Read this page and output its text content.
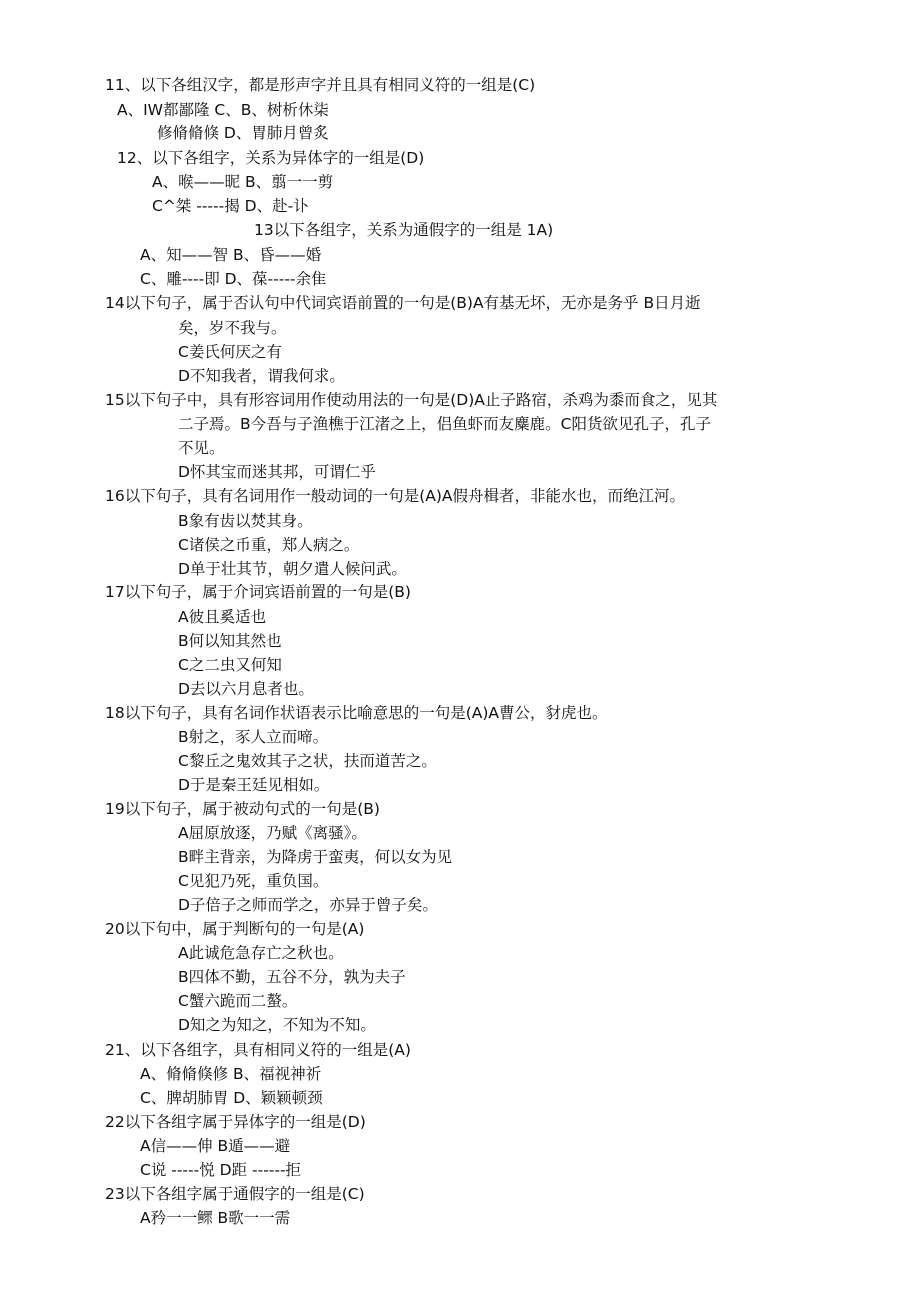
11、以下各组汉字，都是形声字并且具有相同义符的一组是(C)
A、IW都鄙隆 C、B、树析休柒
修脩脩倏 D、胃肺月曾炙
12、以下各组字，关系为异体字的一组是(D)
A、喉——昵 B、翦一一剪
C^桀 -----揭 D、赴-讣
13以下各组字，关系为通假字的一组是 1A)
A、知——智 B、昏——婚
C、雕----即 D、葆-----余隹
14以下句子，属于否认句中代词宾语前置的一句是(B)A有基无坏，无亦是务乎 B日月逝
矣，岁不我与。
C姜氏何厌之有
D不知我者，谓我何求。
15以下句子中，具有形容词用作使动用法的一句是(D)A止子路宿，杀鸡为黍而食之，见其
二子焉。B今吾与子渔樵于江渚之上，侣鱼虾而友麋鹿。C阳货欲见孔子，孔子
不见。
D怀其宝而迷其邦，可谓仁乎
16以下句子，具有名词用作一般动词的一句是(A)A假舟楫者，非能水也，而绝江河。
B象有齿以焚其身。
C诸侯之币重，郑人病之。
D单于壮其节，朝夕遣人候问武。
17以下句子，属于介词宾语前置的一句是(B)
A彼且奚适也
B何以知其然也
C之二虫又何知
D去以六月息者也。
18以下句子，具有名词作状语表示比喻意思的一句是(A)A曹公，豺虎也。
B射之，豕人立而啼。
C黎丘之鬼效其子之状，扶而道苦之。
D于是秦王廷见相如。
19以下句子，属于被动句式的一句是(B)
A屈原放逐，乃赋《离骚》。
B畔主背亲，为降虏于蛮夷，何以女为见
C见犯乃死，重负国。
D子倍子之师而学之，亦异于曾子矣。
20以下句中，属于判断句的一句是(A)
A此诚危急存亡之秋也。
B四体不勤，五谷不分，孰为夫子
C蟹六跪而二螯。
D知之为知之，不知为不知。
21、以下各组字，具有相同义符的一组是(A)
A、脩脩倏修 B、福视神祈
C、脾胡肺胃 D、颖颖顿颈
22以下各组字属于异体字的一组是(D)
A信——伸 B遁——避
C说 -----悦 D距 ------拒
23以下各组字属于通假字的一组是(C)
A矜一一鳏 B歌一一需
